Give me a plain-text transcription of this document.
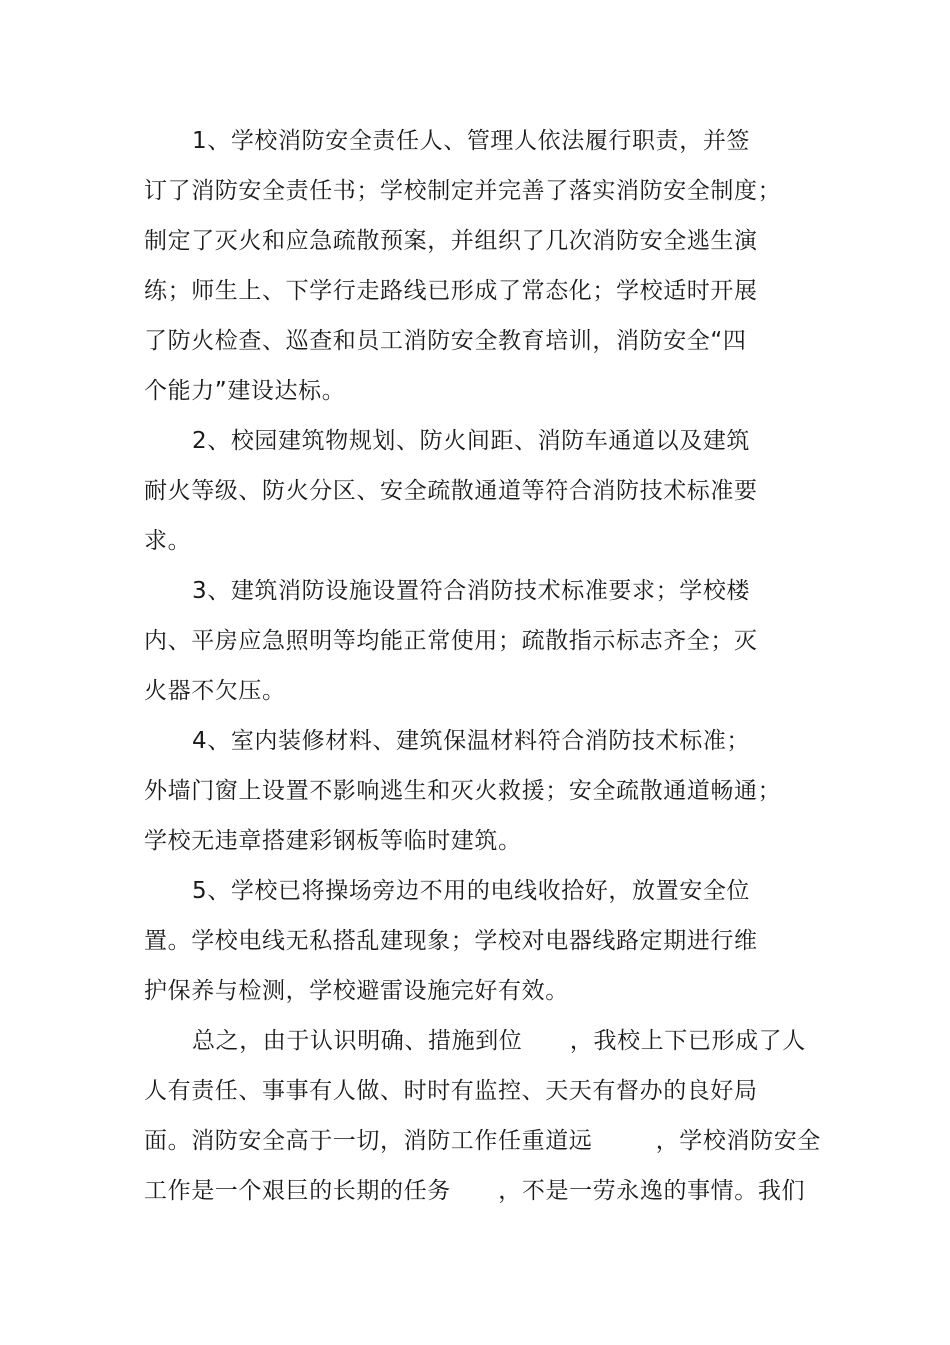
1、学校消防安全责任人、管理人依法履行职责，并签
订了消防安全责任书；学校制定并完善了落实消防安全制度；
制定了灭火和应急疏散预案，并组织了几次消防安全逃生演
练；师生上、下学行走路线已形成了常态化；学校适时开展
了防火检查、巡查和员工消防安全教育培训，消防安全“四
个能力”建设达标。
2、校园建筑物规划、防火间距、消防车通道以及建筑
耐火等级、防火分区、安全疏散通道等符合消防技术标准要
求。
3、建筑消防设施设置符合消防技术标准要求；学校楼
内、平房应急照明等均能正常使用；疏散指示标志齐全；灭
火器不欠压。
4、室内装修材料、建筑保温材料符合消防技术标准；
外墙门窗上设置不影响逃生和灭火救援；安全疏散通道畅通；
学校无违章搭建彩钢板等临时建筑。
5、学校已将操场旁边不用的电线收拾好，放置安全位
置。学校电线无私搭乱建现象；学校对电器线路定期进行维
护保养与检测，学校避雷设施完好有效。
总之，由于认识明确、措施到位      ，我校上下已形成了人
人有责任、事事有人做、时时有监控、天天有督办的良好局
面。消防安全高于一切，消防工作任重道远        ，学校消防安全
工作是一个艰巨的长期的任务      ，不是一劳永逸的事情。我们
